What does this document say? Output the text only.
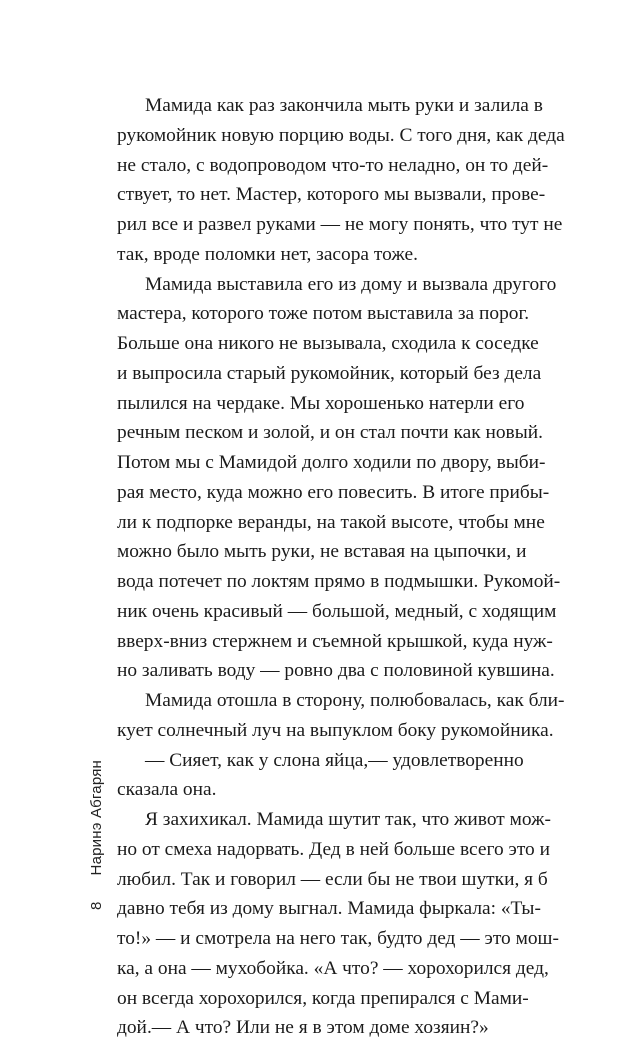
8Наринэ Абгарян
Мамида как раз закончила мыть руки и залила в
рукомойник новую порцию воды. С того дня, как деда
не стало, с водопроводом что-то неладно, он то дей-
ствует, то нет. Мастер, которого мы вызвали, прове-
рил все и развел руками — не могу понять, что тут не
так, вроде поломки нет, засора тоже.
Мамида выставила его из дому и вызвала другого
мастера, которого тоже потом выставила за порог.
Больше она никого не вызывала, сходила к соседке
и выпросила старый рукомойник, который без дела
пылился на чердаке. Мы хорошенько натерли его
речным песком и золой, и он стал почти как новый.
Потом мы с Мамидой долго ходили по двору, выби-
рая место, куда можно его повесить. В итоге прибы-
ли к подпорке веранды, на такой высоте, чтобы мне
можно было мыть руки, не вставая на цыпочки, и
вода потечет по локтям прямо в подмышки. Рукомой-
ник очень красивый — большой, медный, с ходящим
вверх-вниз стержнем и съемной крышкой, куда нуж-
но заливать воду — ровно два с половиной кувшина.
Мамида отошла в сторону, полюбовалась, как бли-
кует солнечный луч на выпуклом боку рукомойника.
— Сияет, как у слона яйца,— удовлетворенно
сказала она.
Я захихикал. Мамида шутит так, что живот мож-
но от смеха надорвать. Дед в ней больше всего это и
любил. Так и говорил — если бы не твои шутки, я б
давно тебя из дому выгнал. Мамида фыркала: «Ты-
то!» — и смотрела на него так, будто дед — это мош-
ка, а она — мухобойка. «А что? — хорохорился дед,
он всегда хорохорился, когда препирался с Мами-
дой.— А что? Или не я в этом доме хозяин?»
